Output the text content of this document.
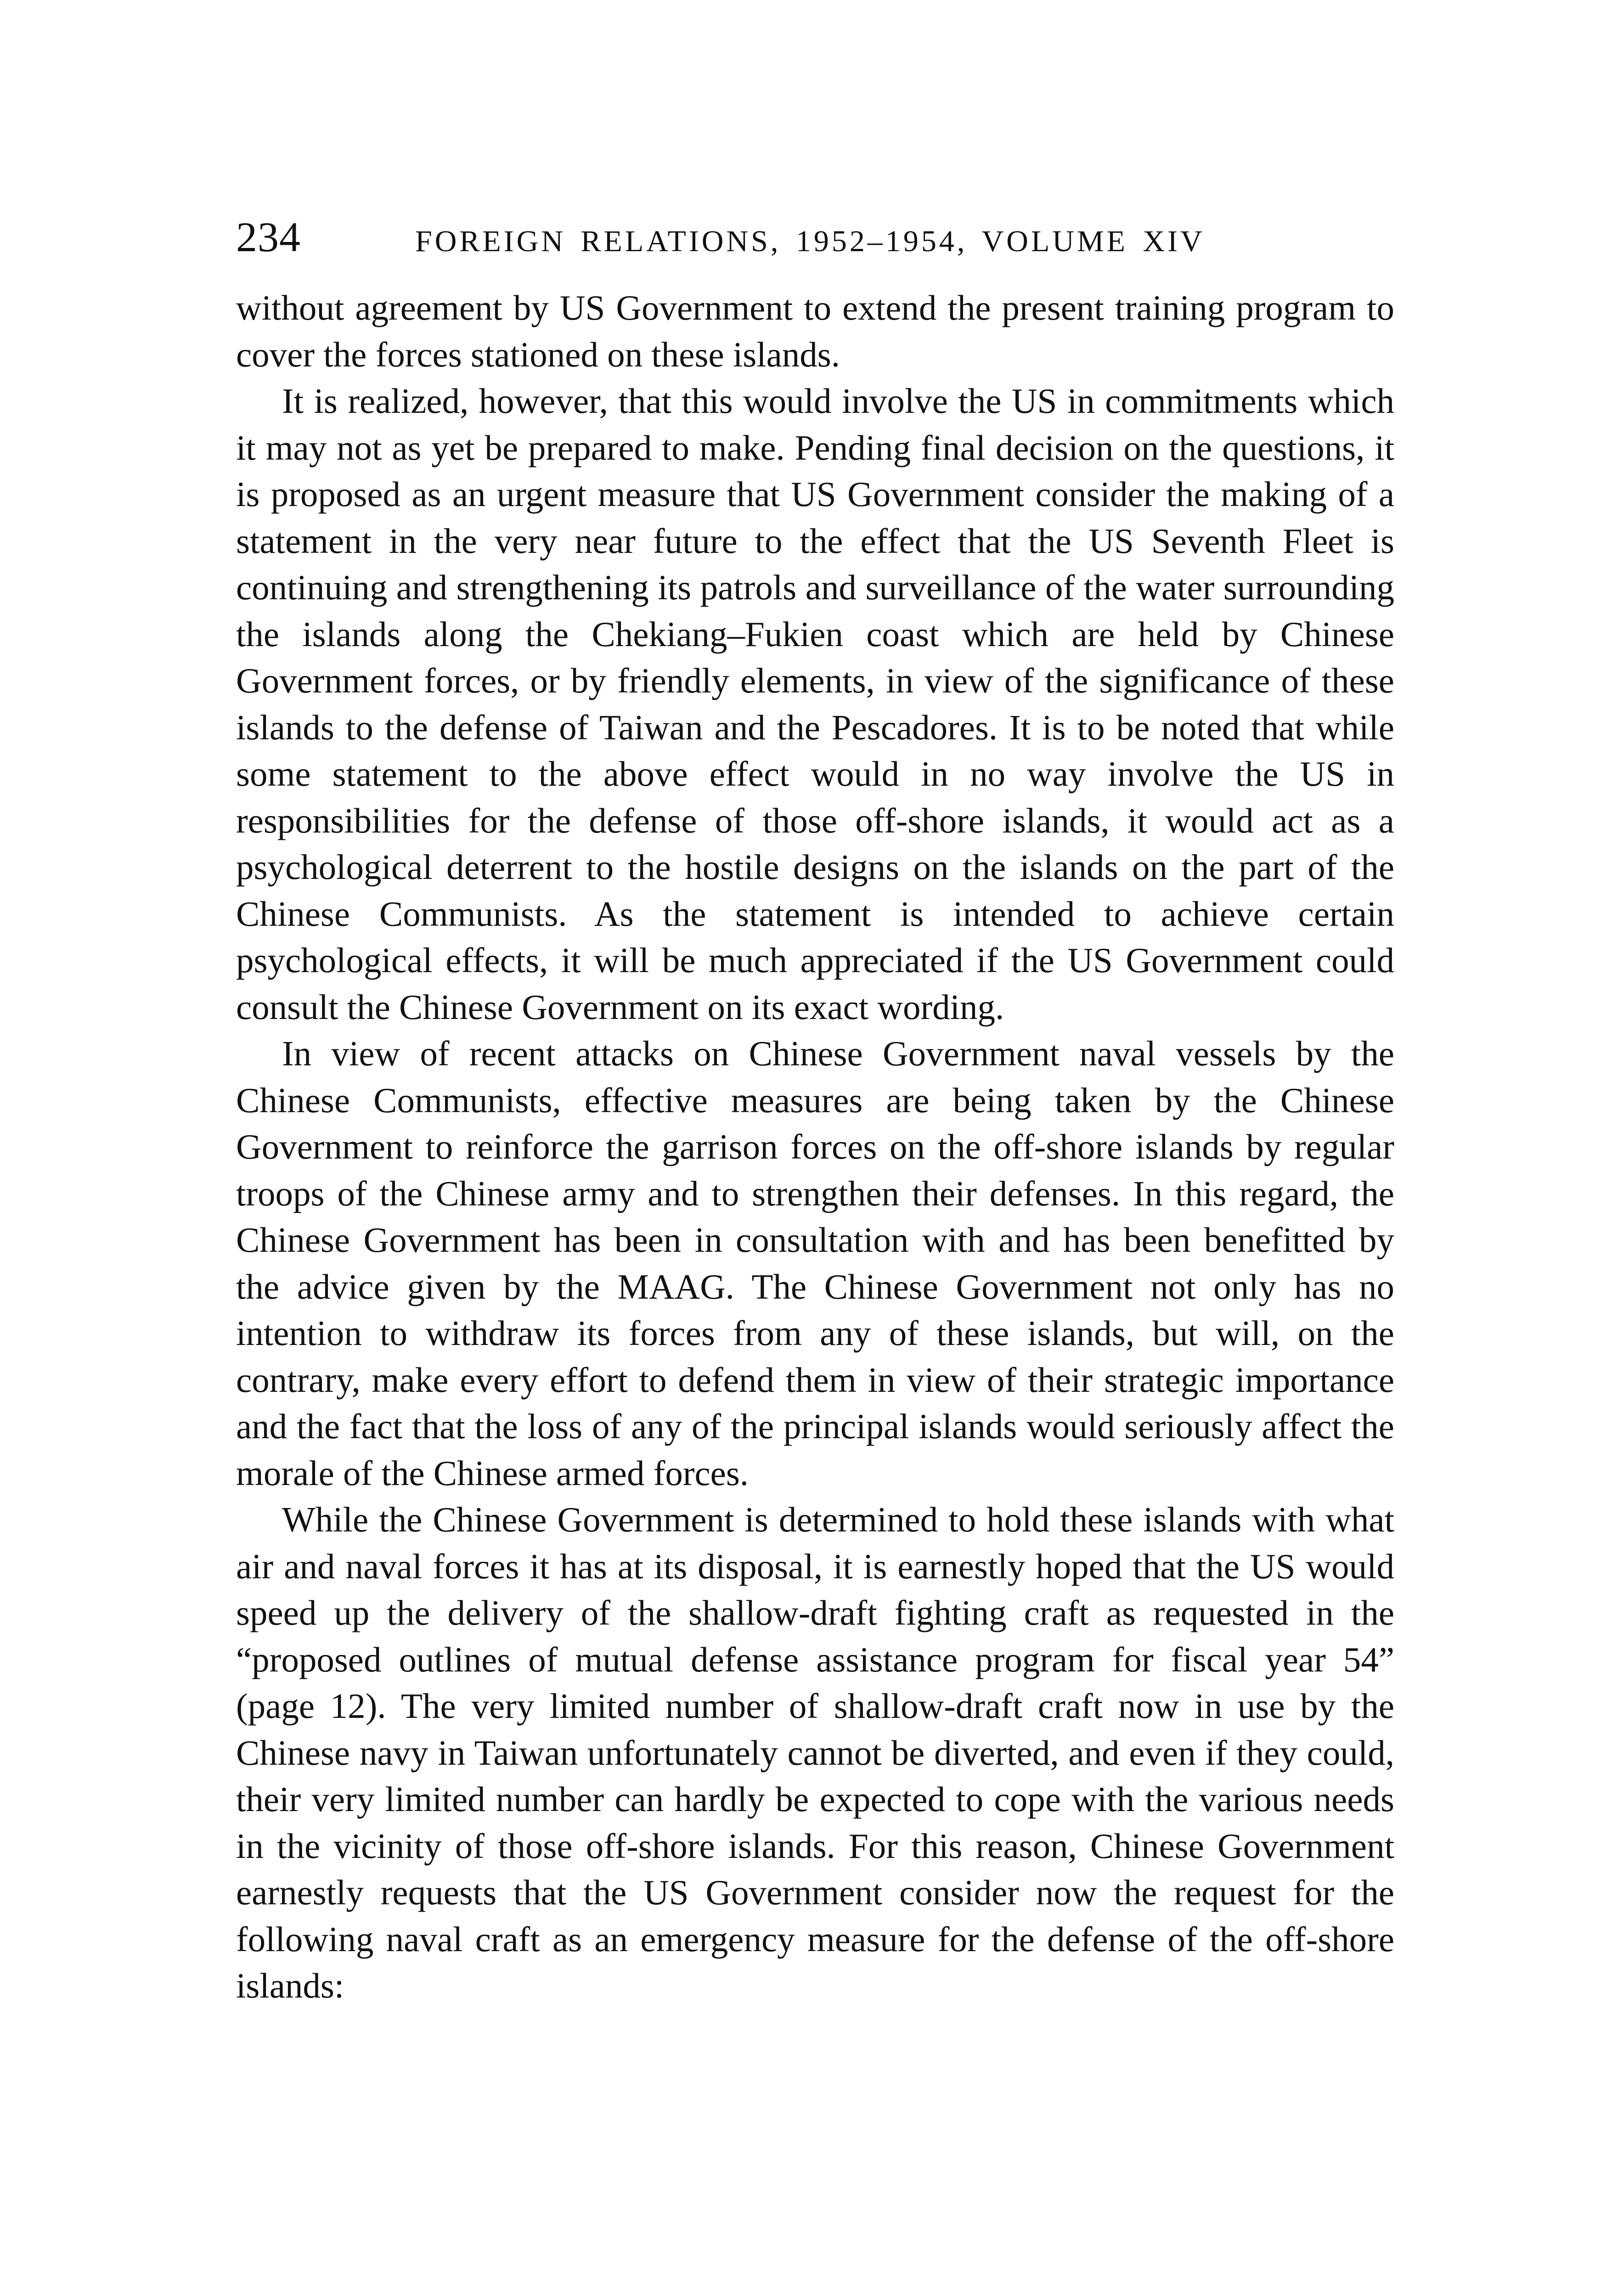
234	FOREIGN RELATIONS, 1952–1954, VOLUME XIV

without agreement by US Government to extend the present training program to cover the forces stationed on these islands.

It is realized, however, that this would involve the US in commitments which it may not as yet be prepared to make. Pending final decision on the questions, it is proposed as an urgent measure that US Government consider the making of a statement in the very near future to the effect that the US Seventh Fleet is continuing and strengthening its patrols and surveillance of the water surrounding the islands along the Chekiang–Fukien coast which are held by Chinese Government forces, or by friendly elements, in view of the significance of these islands to the defense of Taiwan and the Pescadores. It is to be noted that while some statement to the above effect would in no way involve the US in responsibilities for the defense of those off-shore islands, it would act as a psychological deterrent to the hostile designs on the islands on the part of the Chinese Communists. As the statement is intended to achieve certain psychological effects, it will be much appreciated if the US Government could consult the Chinese Government on its exact wording.

In view of recent attacks on Chinese Government naval vessels by the Chinese Communists, effective measures are being taken by the Chinese Government to reinforce the garrison forces on the off-shore islands by regular troops of the Chinese army and to strengthen their defenses. In this regard, the Chinese Government has been in consultation with and has been benefitted by the advice given by the MAAG. The Chinese Government not only has no intention to withdraw its forces from any of these islands, but will, on the contrary, make every effort to defend them in view of their strategic importance and the fact that the loss of any of the principal islands would seriously affect the morale of the Chinese armed forces.

While the Chinese Government is determined to hold these islands with what air and naval forces it has at its disposal, it is earnestly hoped that the US would speed up the delivery of the shallow-draft fighting craft as requested in the “proposed outlines of mutual defense assistance program for fiscal year 54” (page 12). The very limited number of shallow-draft craft now in use by the Chinese navy in Taiwan unfortunately cannot be diverted, and even if they could, their very limited number can hardly be expected to cope with the various needs in the vicinity of those off-shore islands. For this reason, Chinese Government earnestly requests that the US Government consider now the request for the following naval craft as an emergency measure for the defense of the off-shore islands:
